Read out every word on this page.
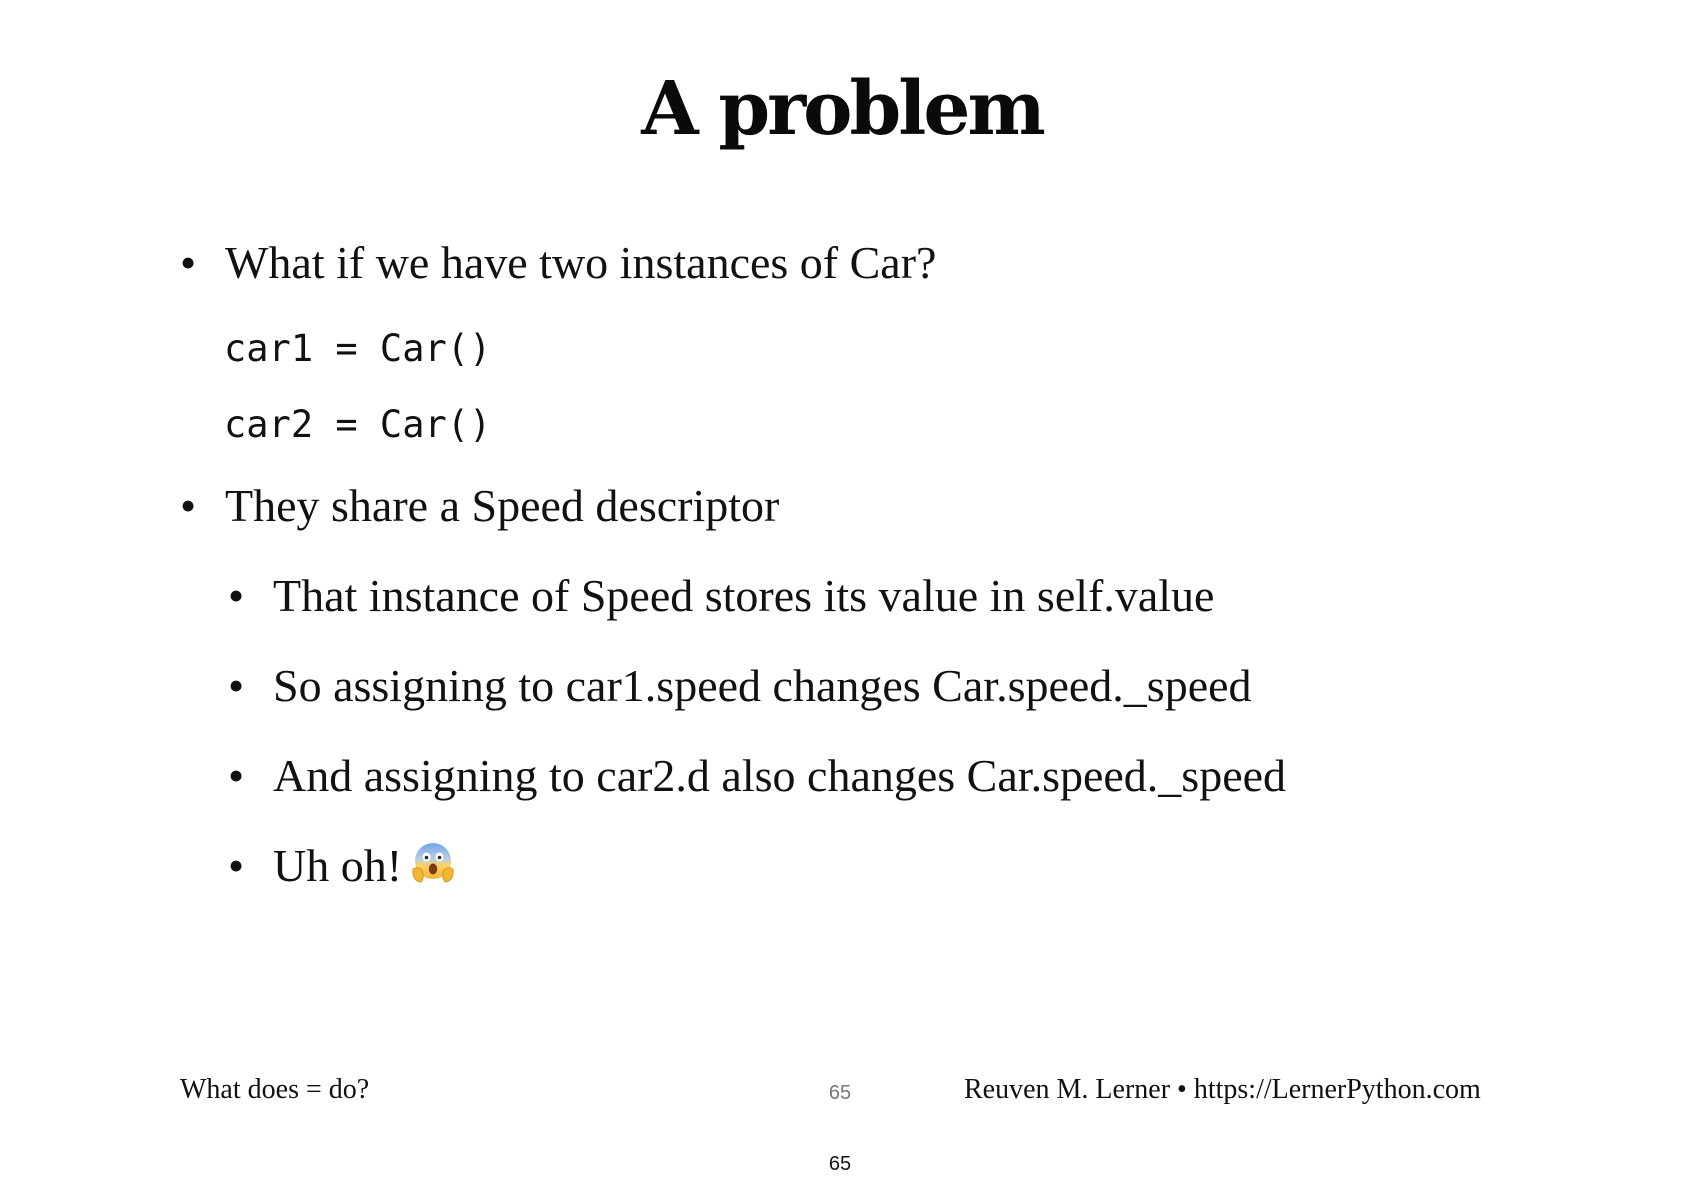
A problem
• What if we have two instances of Car?
car1 = Car()
car2 = Car()
• They share a Speed descriptor
• That instance of Speed stores its value in self.value
• So assigning to car1.speed changes Car.speed._speed
• And assigning to car2.d also changes Car.speed._speed
• Uh oh!
What does = do?	65	Reuven M. Lerner • https://LernerPython.com
65
